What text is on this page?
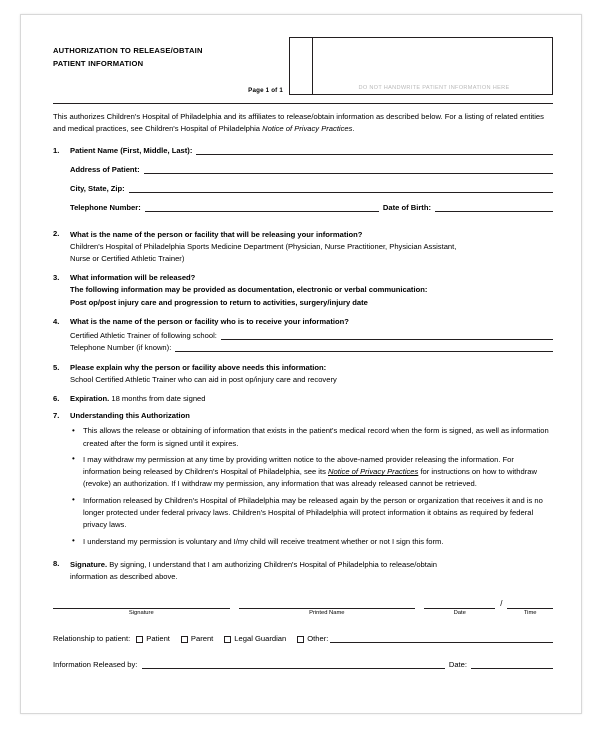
AUTHORIZATION TO RELEASE/OBTAIN
PATIENT INFORMATION
Page 1 of 1	DO NOT HANDWRITE PATIENT INFORMATION HERE
This authorizes Children's Hospital of Philadelphia and its affiliates to release/obtain information as described below. For a listing of related entities and medical practices, see Children's Hospital of Philadelphia Notice of Privacy Practices.
1.	Patient Name (First, Middle, Last):
Address of Patient:
City, State, Zip:
Telephone Number:	Date of Birth:
2.	What is the name of the person or facility that will be releasing your information?
Children's Hospital of Philadelphia Sports Medicine Department (Physician, Nurse Practitioner, Physician Assistant,
Nurse or Certified Athletic Trainer)
3.	What information will be released?
The following information may be provided as documentation, electronic or verbal communication:
Post op/post injury care and progression to return to activities, surgery/injury date
4.	What is the name of the person or facility who is to receive your information?
Certified Athletic Trainer of following school:
Telephone Number (if known):
5.	Please explain why the person or facility above needs this information:
School Certified Athletic Trainer who can aid in post op/injury care and recovery
6.	Expiration. 18 months from date signed
7.	Understanding this Authorization
• This allows the release or obtaining of information that exists in the patient's medical record when the form is signed, as well as information created after the form is signed until it expires.
• I may withdraw my permission at any time by providing written notice to the above-named provider releasing the information. For information being released by Children's Hospital of Philadelphia, see its Notice of Privacy Practices for instructions on how to withdraw (revoke) an authorization. If I withdraw my permission, any information that was already released cannot be retrieved.
• Information released by Children's Hospital of Philadelphia may be released again by the person or organization that receives it and is no longer protected under federal privacy laws. Children's Hospital of Philadelphia will protect information it obtains as required by federal privacy laws.
• I understand my permission is voluntary and I/my child will receive treatment whether or not I sign this form.
8.	Signature. By signing, I understand that I am authorizing Children's Hospital of Philadelphia to release/obtain
information as described above.
/
Signature	Printed Name	Date	Time
Relationship to patient:	Patient	Parent	Legal Guardian	Other:
Information Released by:	Date:
